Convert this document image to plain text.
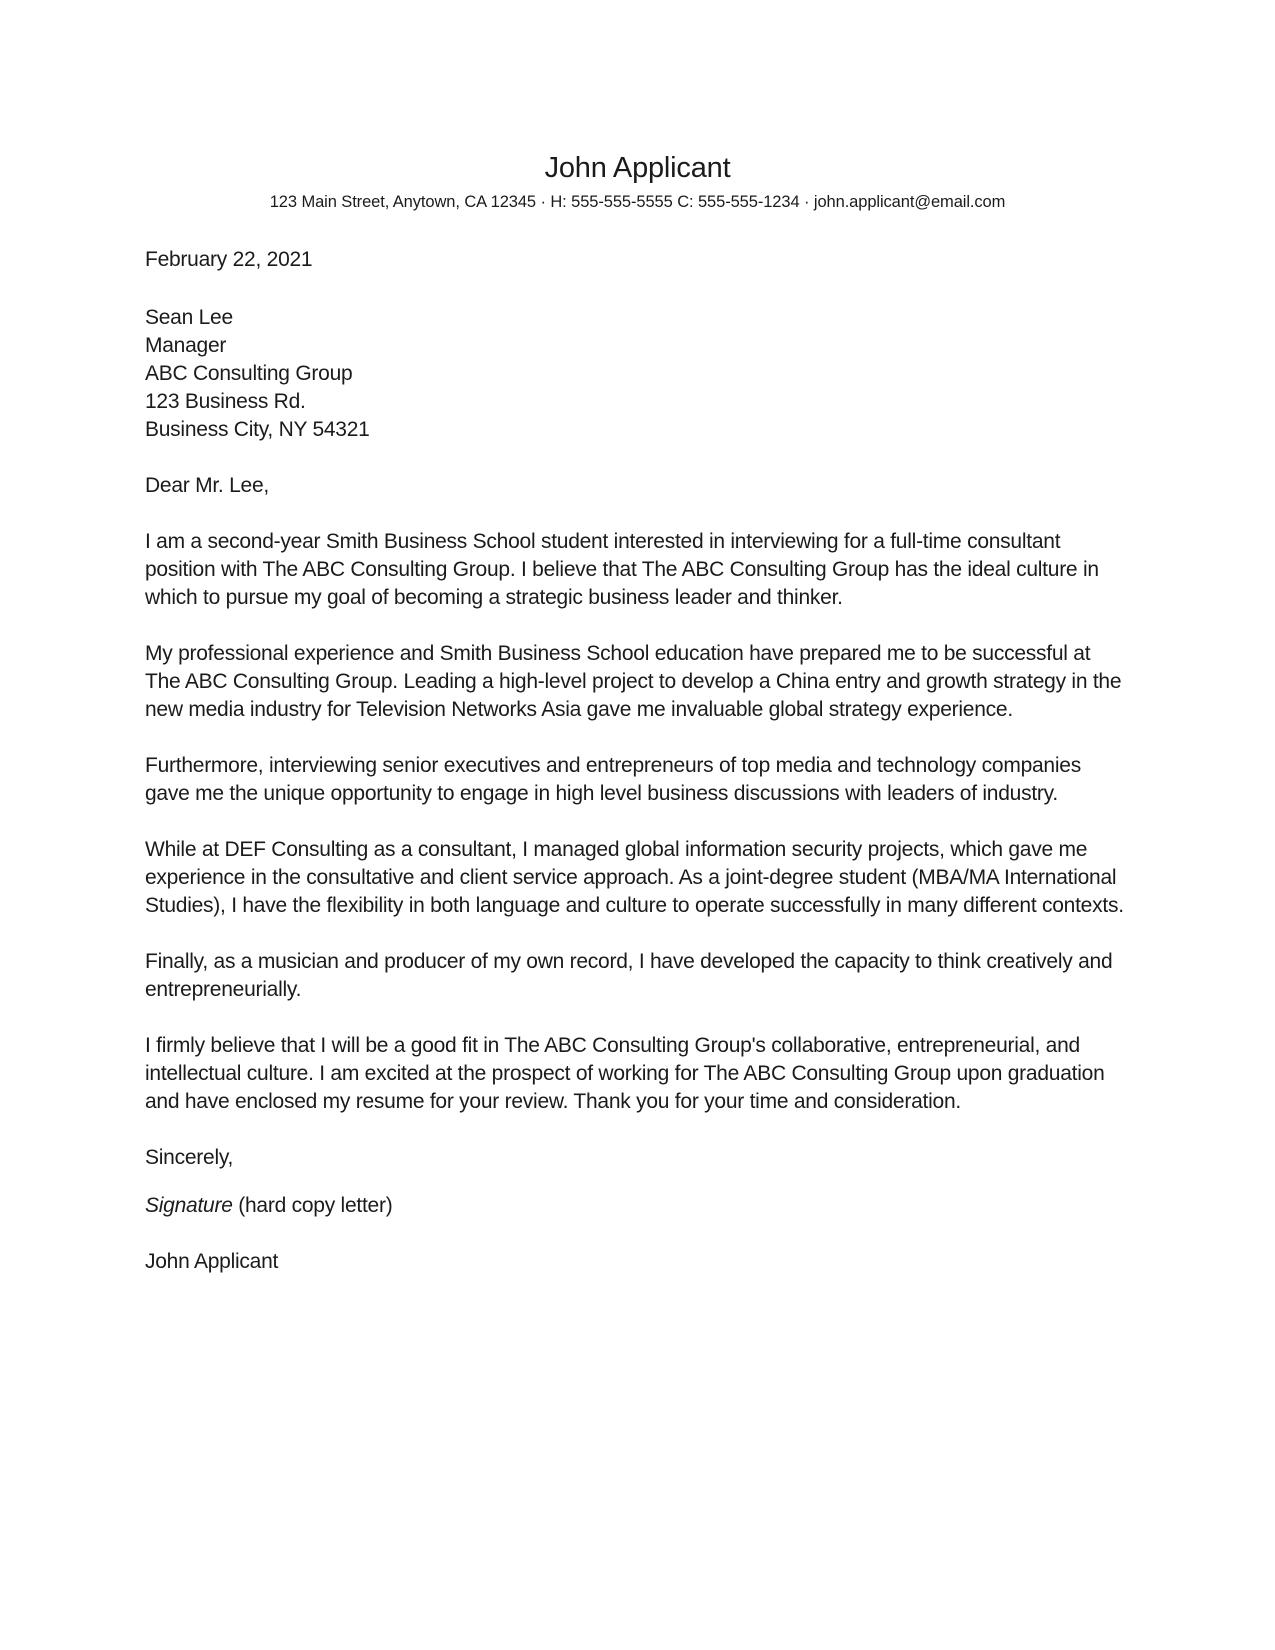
John Applicant
123 Main Street, Anytown, CA 12345 · H: 555-555-5555 C: 555-555-1234 · john.applicant@email.com
February 22, 2021
Sean Lee
Manager
ABC Consulting Group
123 Business Rd.
Business City, NY 54321
Dear Mr. Lee,

I am a second-year Smith Business School student interested in interviewing for a full-time consultant position with The ABC Consulting Group. I believe that The ABC Consulting Group has the ideal culture in which to pursue my goal of becoming a strategic business leader and thinker.

My professional experience and Smith Business School education have prepared me to be successful at The ABC Consulting Group. Leading a high-level project to develop a China entry and growth strategy in the new media industry for Television Networks Asia gave me invaluable global strategy experience.

Furthermore, interviewing senior executives and entrepreneurs of top media and technology companies gave me the unique opportunity to engage in high level business discussions with leaders of industry.

While at DEF Consulting as a consultant, I managed global information security projects, which gave me experience in the consultative and client service approach. As a joint-degree student (MBA/MA International Studies), I have the flexibility in both language and culture to operate successfully in many different contexts.

Finally, as a musician and producer of my own record, I have developed the capacity to think creatively and entrepreneurially.

I firmly believe that I will be a good fit in The ABC Consulting Group's collaborative, entrepreneurial, and intellectual culture. I am excited at the prospect of working for The ABC Consulting Group upon graduation and have enclosed my resume for your review. Thank you for your time and consideration.

Sincerely,
Signature (hard copy letter)
John Applicant
